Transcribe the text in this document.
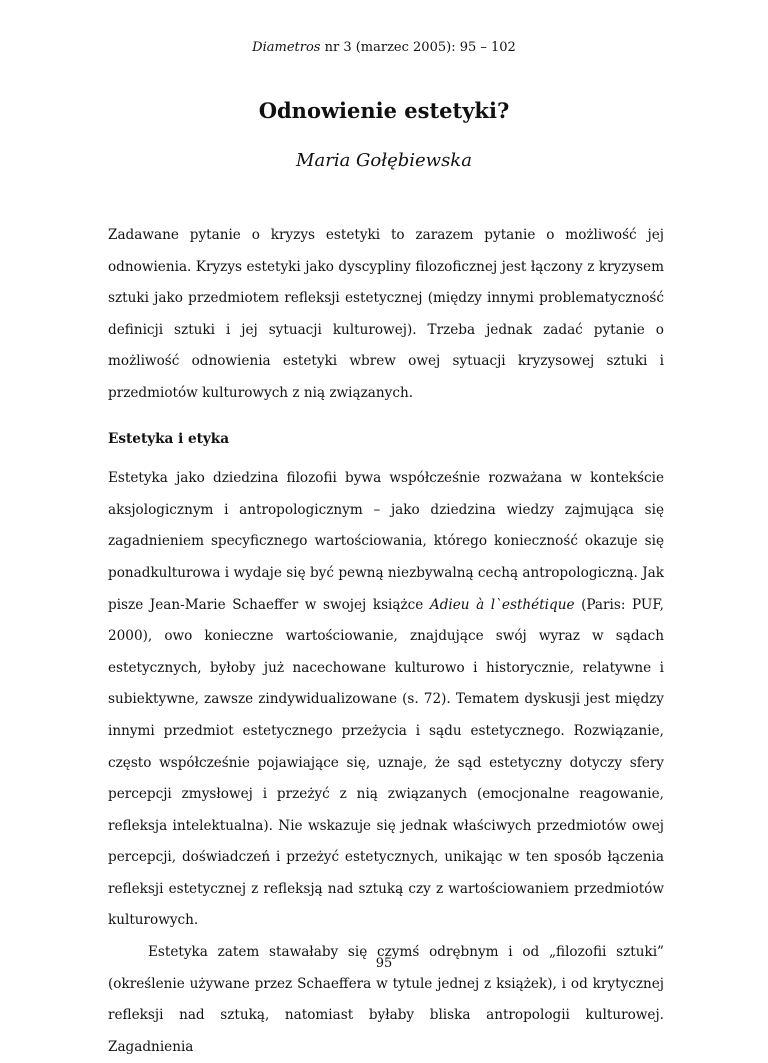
Diametros nr 3 (marzec 2005): 95 – 102
Odnowienie estetyki?
Maria Gołębiewska

Zadawane pytanie o kryzys estetyki to zarazem pytanie o możliwość jej odnowienia. Kryzys estetyki jako dyscypliny filozoficznej jest łączony z kryzysem sztuki jako przedmiotem refleksji estetycznej (między innymi problematyczność definicji sztuki i jej sytuacji kulturowej). Trzeba jednak zadać pytanie o możliwość odnowienia estetyki wbrew owej sytuacji kryzysowej sztuki i przedmiotów kulturowych z nią związanych.

Estetyka i etyka

Estetyka jako dziedzina filozofii bywa współcześnie rozważana w kontekście aksjologicznym i antropologicznym – jako dziedzina wiedzy zajmująca się zagadnieniem specyficznego wartościowania, którego konieczność okazuje się ponadkulturowa i wydaje się być pewną niezbywalną cechą antropologiczną. Jak pisze Jean-Marie Schaeffer w swojej książce Adieu à l`esthétique (Paris: PUF, 2000), owo konieczne wartościowanie, znajdujące swój wyraz w sądach estetycznych, byłoby już nacechowane kulturowo i historycznie, relatywne i subiektywne, zawsze zindywidualizowane (s. 72). Tematem dyskusji jest między innymi przedmiot estetycznego przeżycia i sądu estetycznego. Rozwiązanie, często współcześnie pojawiające się, uznaje, że sąd estetyczny dotyczy sfery percepcji zmysłowej i przeżyć z nią związanych (emocjonalne reagowanie, refleksja intelektualna). Nie wskazuje się jednak właściwych przedmiotów owej percepcji, doświadczeń i przeżyć estetycznych, unikając w ten sposób łączenia refleksji estetycznej z refleksją nad sztuką czy z wartościowaniem przedmiotów kulturowych.

Estetyka zatem stawałaby się czymś odrębnym i od „filozofii sztuki” (określenie używane przez Schaeffera w tytule jednej z książek), i od krytycznej refleksji nad sztuką, natomiast byłaby bliska antropologii kulturowej. Zagadnienia

95
